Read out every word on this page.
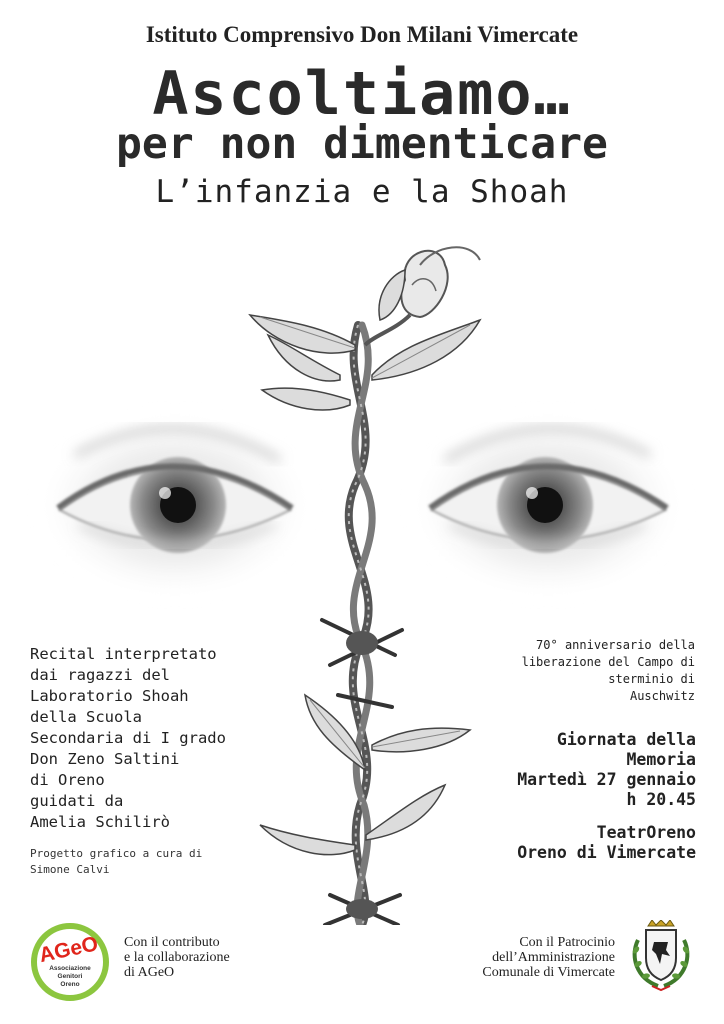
Istituto Comprensivo Don Milani Vimercate
Ascoltiamo…
per non dimenticare
L’infanzia e la Shoah
Recital interpretato
dai ragazzi del
Laboratorio Shoah
della Scuola
Secondaria di I grado
Don Zeno Saltini
di Oreno
guidati da
Amelia Schilirò
Progetto grafico a cura di
Simone Calvi
70° anniversario della
liberazione del Campo di
sterminio di
Auschwitz
Giornata della
Memoria
Martedì 27 gennaio
h 20.45
TeatrOreno
Oreno di Vimercate
AGeO
Associazione
Genitori
Oreno
Con il contributo
e la collaborazione
di AGeO
Con il Patrocinio
dell’Amministrazione
Comunale di Vimercate
